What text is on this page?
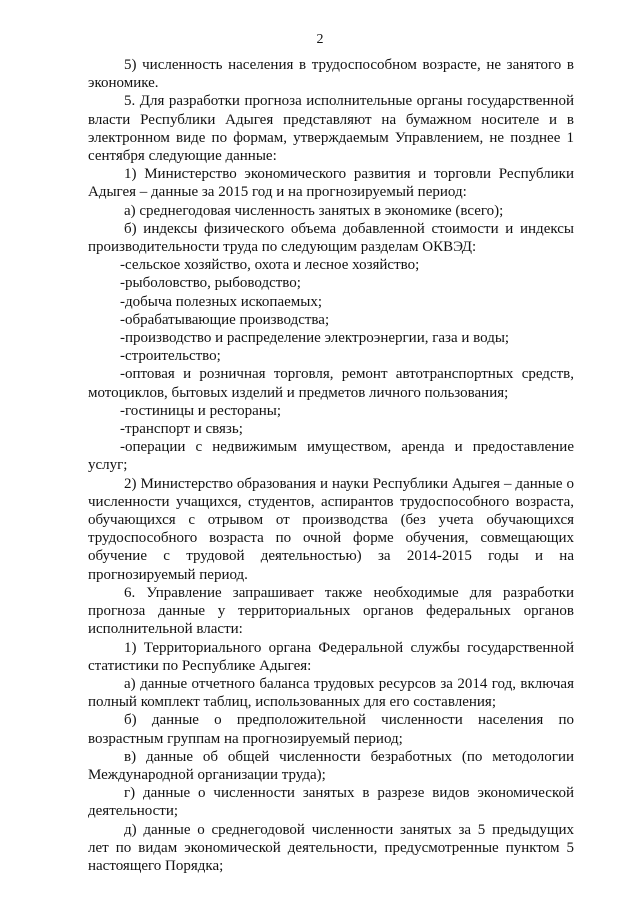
2

5) численность населения в трудоспособном возрасте, не занятого в экономике.

5. Для разработки прогноза исполнительные органы государственной власти Республики Адыгея представляют на бумажном носителе и в электронном виде по формам, утверждаемым Управлением, не позднее 1 сентября следующие данные:

1) Министерство экономического развития и торговли Республики Адыгея – данные за 2015 год и на прогнозируемый период:

а) среднегодовая численность занятых в экономике (всего);

б) индексы физического объема добавленной стоимости и индексы производительности труда по следующим разделам ОКВЭД:

-сельское хозяйство, охота и лесное хозяйство;

-рыболовство, рыбоводство;

-добыча полезных ископаемых;

-обрабатывающие производства;

-производство и распределение электроэнергии, газа и воды;

-строительство;

-оптовая и розничная торговля, ремонт автотранспортных средств, мотоциклов, бытовых изделий и предметов личного пользования;

-гостиницы и рестораны;

-транспорт и связь;

-операции с недвижимым имуществом, аренда и предоставление услуг;

2) Министерство образования и науки Республики Адыгея – данные о численности учащихся, студентов, аспирантов трудоспособного возраста, обучающихся с отрывом от производства (без учета обучающихся трудоспособного возраста по очной форме обучения, совмещающих обучение с трудовой деятельностью) за 2014-2015 годы и на прогнозируемый период.

6. Управление запрашивает также необходимые для разработки прогноза данные у территориальных органов федеральных органов исполнительной власти:

1) Территориального органа Федеральной службы государственной статистики по Республике Адыгея:

а) данные отчетного баланса трудовых ресурсов за 2014 год, включая полный комплект таблиц, использованных для его составления;

б) данные о предположительной численности населения по возрастным группам на прогнозируемый период;

в) данные об общей численности безработных (по методологии Международной организации труда);

г) данные о численности занятых в разрезе видов экономической деятельности;

д) данные о среднегодовой численности занятых за 5 предыдущих лет по видам экономической деятельности, предусмотренные пунктом 5 настоящего Порядка;
